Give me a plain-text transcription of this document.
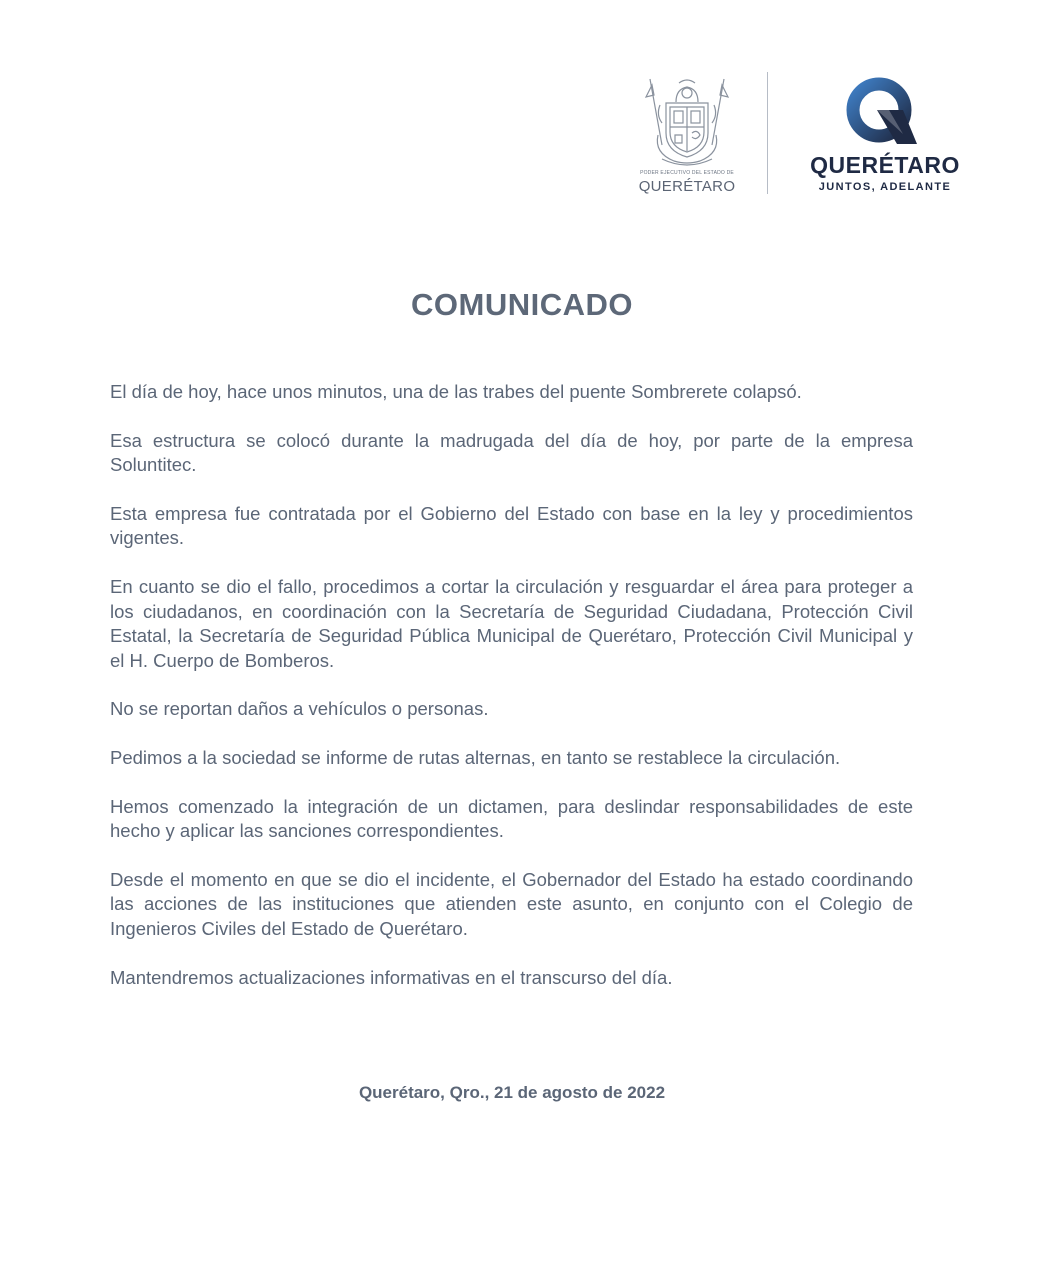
PODER EJECUTIVO DEL ESTADO DE
QUERÉTARO
QUERÉTARO
JUNTOS, ADELANTE
COMUNICADO

El día de hoy, hace unos minutos, una de las trabes del puente Sombrerete colapsó.

Esa estructura se colocó durante la madrugada del día de hoy, por parte de la empresa Soluntitec.

Esta empresa fue contratada por el Gobierno del Estado con base en la ley y procedimientos vigentes.

En cuanto se dio el fallo, procedimos a cortar la circulación y resguardar el área para proteger a los ciudadanos, en coordinación con la Secretaría de Seguridad Ciudadana, Protección Civil Estatal, la Secretaría de Seguridad Pública Municipal de Querétaro, Protección Civil Municipal y el H. Cuerpo de Bomberos.

No se reportan daños a vehículos o personas.

Pedimos a la sociedad se informe de rutas alternas, en tanto se restablece la circulación.

Hemos comenzado la integración de un dictamen, para deslindar responsabilidades de este hecho y aplicar las sanciones correspondientes.

Desde el momento en que se dio el incidente, el Gobernador del Estado ha estado coordinando las acciones de las instituciones que atienden este asunto, en conjunto con el Colegio de Ingenieros Civiles del Estado de Querétaro.

Mantendremos actualizaciones informativas en el transcurso del día.

Querétaro, Qro., 21 de agosto de 2022
